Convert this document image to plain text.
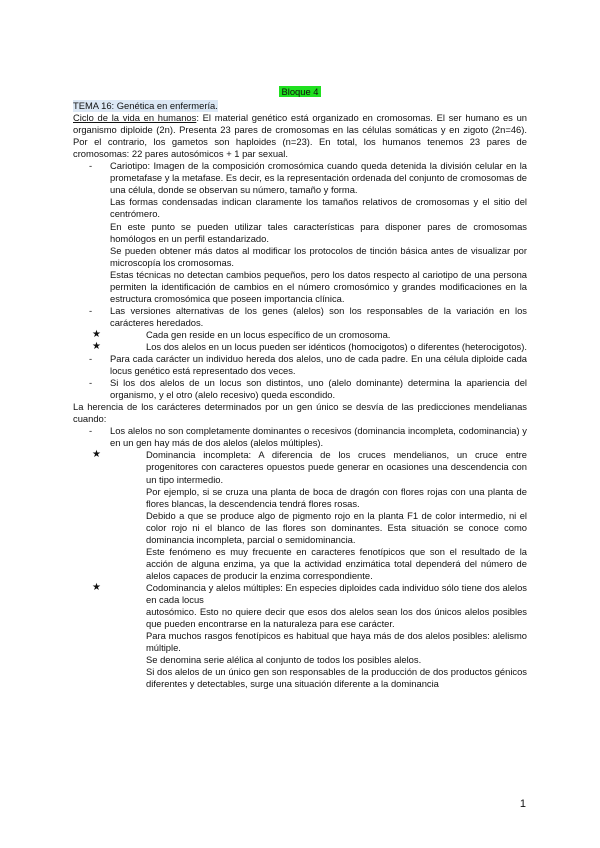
Bloque 4
TEMA 16: Genética en enfermería.

Ciclo de la vida en humanos: El material genético está organizado en cromosomas. El ser humano es un organismo diploide (2n). Presenta 23 pares de cromosomas en las células somáticas y en zigoto (2n=46). Por el contrario, los gametos son haploides (n=23). En total, los humanos tenemos 23 pares de cromosomas: 22 pares autosómicos + 1 par sexual.

- Cariotipo: Imagen de la composición cromosómica cuando queda detenida la división celular en la prometafase y la metafase. Es decir, es la representación ordenada del conjunto de cromosomas de una célula, donde se observan su número, tamaño y forma.
Las formas condensadas indican claramente los tamaños relativos de cromosomas y el sitio del centrómero.
En este punto se pueden utilizar tales características para disponer pares de cromosomas homólogos en un perfil estandarizado.
Se pueden obtener más datos al modificar los protocolos de tinción básica antes de visualizar por microscopía los cromosomas.
Estas técnicas no detectan cambios pequeños, pero los datos respecto al cariotipo de una persona permiten la identificación de cambios en el número cromosómico y grandes modificaciones en la estructura cromosómica que poseen importancia clínica.
- Las versiones alternativas de los genes (alelos) son los responsables de la variación en los carácteres heredados.
★ Cada gen reside en un locus específico de un cromosoma.
★ Los dos alelos en un locus pueden ser idénticos (homocigotos) o diferentes (heterocigotos).
- Para cada carácter un individuo hereda dos alelos, uno de cada padre. En una célula diploide cada locus genético está representado dos veces.
- Si los dos alelos de un locus son distintos, uno (alelo dominante) determina la apariencia del organismo, y el otro (alelo recesivo) queda escondido.

La herencia de los carácteres determinados por un gen único se desvía de las predicciones mendelianas cuando:

- Los alelos no son completamente dominantes o recesivos (dominancia incompleta, codominancia) y en un gen hay más de dos alelos (alelos múltiples).
★ Dominancia incompleta: A diferencia de los cruces mendelianos, un cruce entre progenitores con caracteres opuestos puede generar en ocasiones una descendencia con un tipo intermedio.
Por ejemplo, si se cruza una planta de boca de dragón con flores rojas con una planta de flores blancas, la descendencia tendrá flores rosas.
Debido a que se produce algo de pigmento rojo en la planta F1 de color intermedio, ni el color rojo ni el blanco de las flores son dominantes. Esta situación se conoce como dominancia incompleta, parcial o semidominancia.
Este fenómeno es muy frecuente en caracteres fenotípicos que son el resultado de la acción de alguna enzima, ya que la actividad enzimática total dependerá del número de alelos capaces de producir la enzima correspondiente.
★ Codominancia y alelos múltiples: En especies diploides cada individuo sólo tiene dos alelos en cada locus
autosómico. Esto no quiere decir que esos dos alelos sean los dos únicos alelos posibles que pueden encontrarse en la naturaleza para ese carácter.
Para muchos rasgos fenotípicos es habitual que haya más de dos alelos posibles: alelismo múltiple.
Se denomina serie alélica al conjunto de todos los posibles alelos.
Si dos alelos de un único gen son responsables de la producción de dos productos génicos diferentes y detectables, surge una situación diferente a la dominancia
1
